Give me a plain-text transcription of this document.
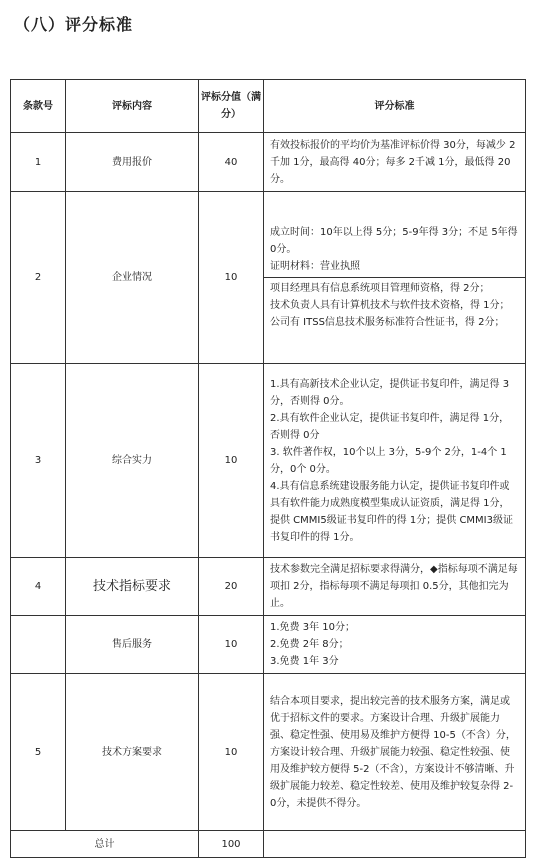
（八）评分标准
条款号	评标内容	评标分值（满分）	评分标准
1	费用报价	40	有效投标报价的平均价为基准评标价得 30分，每减少 2千加 1分，最高得 40分；每多 2千减 1分，最低得 20分。
2	企业情况	10	成立时间：10年以上得 5分；5-9年得 3分；不足 5年得 0分。
证明材料：营业执照
项目经理具有信息系统项目管理师资格，得 2分；
技术负责人具有计算机技术与软件技术资格，得 1分；
公司有 ITSS信息技术服务标准符合性证书，得 2分；

3	综合实力	10	1.具有高新技术企业认定，提供证书复印件，满足得 3分，否则得 0分。
2.具有软件企业认定，提供证书复印件，满足得 1分，否则得 0分
3. 软件著作权，10个以上 3分，5-9个 2分，1-4个 1分，0个 0分。
4.具有信息系统建设服务能力认定，提供证书复印件或具有软件能力成熟度模型集成认证资质，满足得 1分，提供 CMMI5级证书复印件的得 1分；提供 CMMI3级证书复印件的得 1分。

4	技术指标要求	20	技术参数完全满足招标要求得满分，◆指标每项不满足每项扣 2分，指标每项不满足每项扣 0.5分，其他扣完为止。
	售后服务	10	1.免费 3年 10分；
2.免费 2年 8分；
3.免费 1年 3分

5	技术方案要求	10	结合本项目要求，提出较完善的技术服务方案，满足或优于招标文件的要求。方案设计合理、升级扩展能力强、稳定性强、使用易及维护方便得 10-5（不含）分，方案设计较合理、升级扩展能力较强、稳定性较强、使用及维护较方便得 5-2（不含），方案设计不够清晰、升级扩展能力较差、稳定性较差、使用及维护较复杂得 2-0分，未提供不得分。
总计		100	
